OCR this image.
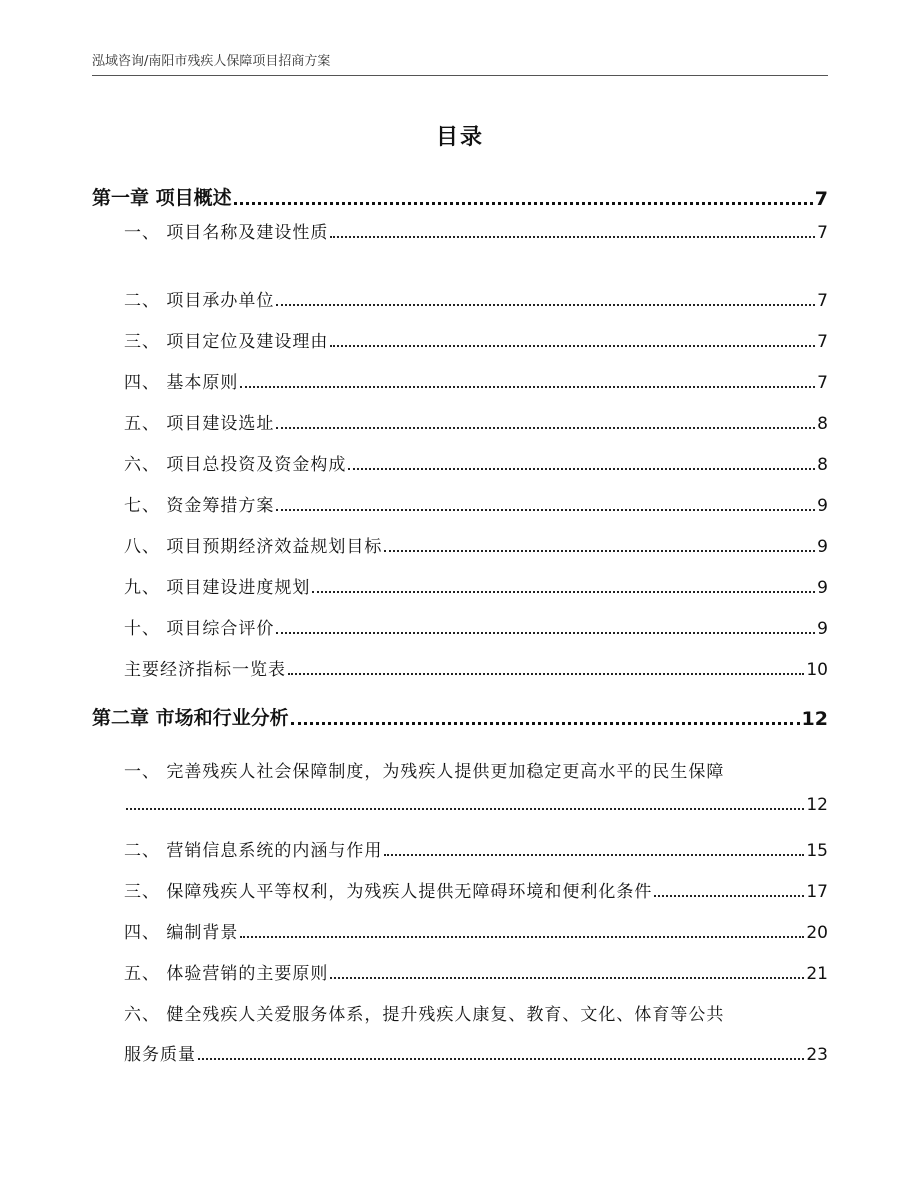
泓域咨询/南阳市残疾人保障项目招商方案
目录
第一章 项目概述	7
一、 项目名称及建设性质	7
二、 项目承办单位	7
三、 项目定位及建设理由	7
四、 基本原则	7
五、 项目建设选址	8
六、 项目总投资及资金构成	8
七、 资金筹措方案	9
八、 项目预期经济效益规划目标	9
九、 项目建设进度规划	9
十、 项目综合评价	9
主要经济指标一览表	10
第二章 市场和行业分析	12
一、 完善残疾人社会保障制度，为残疾人提供更加稳定更高水平的民生保障
12
二、 营销信息系统的内涵与作用	15
三、 保障残疾人平等权利，为残疾人提供无障碍环境和便利化条件	17
四、 编制背景	20
五、 体验营销的主要原则	21
六、 健全残疾人关爱服务体系，提升残疾人康复、教育、文化、体育等公共
服务质量	23
